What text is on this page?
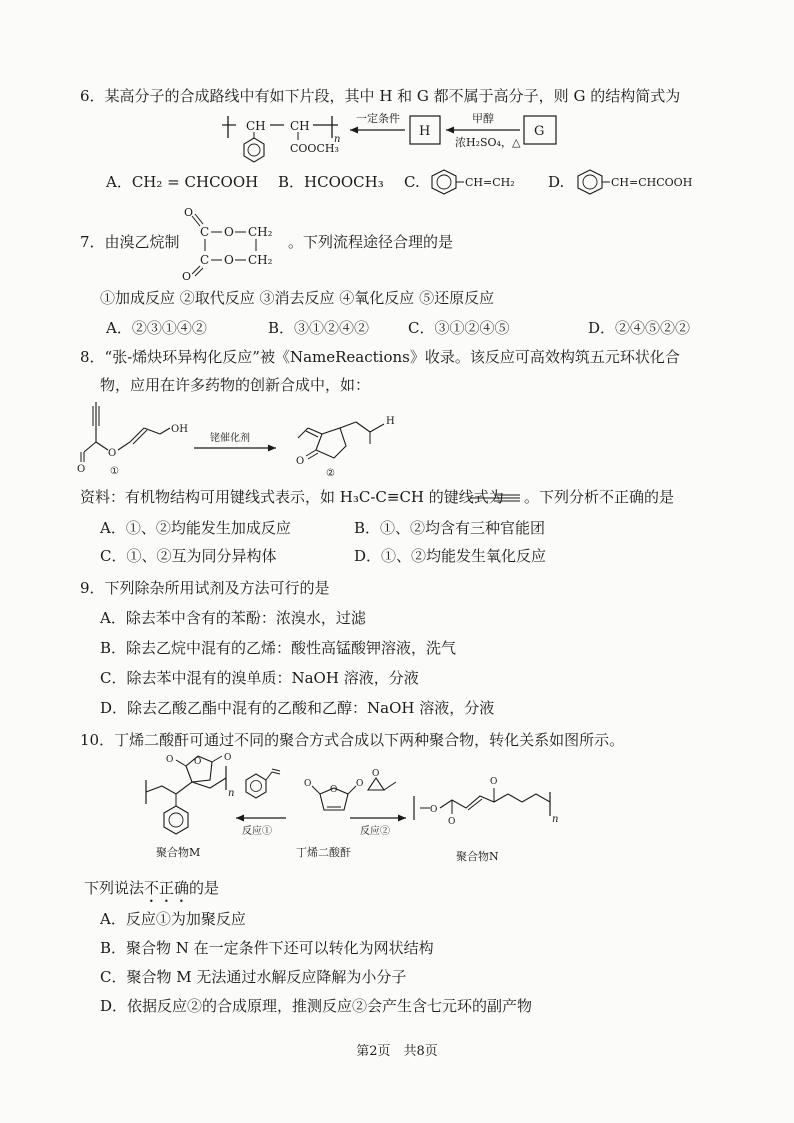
6．某高分子的合成路线中有如下片段，其中 H 和 G 都不属于高分子，则 G 的结构简式为
CH CH
n
COOCH₃
一定条件
H
甲醇
浓H₂SO₄，△
G
A．CH₂ = CHCOOH B．HCOOCH₃ C.	CH=CH₂ D.	CH=CHCOOH
7．由溴乙烷制
O
C O CH₂
C O CH₂
O
。下列流程途径合理的是
①加成反应 ②取代反应 ③消去反应 ④氧化反应 ⑤还原反应
A．②③①④②	B．③①②④②	C．③①②④⑤	D．②④⑤②②
8．“张-烯炔环异构化反应”被《NameReactions》收录。该反应可高效构筑五元环状化合
物，应用在许多药物的创新合成中，如：
O
O
OH
①
铑催化剂
O
②
H
资料：有机物结构可用键线式表示，如 H₃C-C≡CH 的键线式为 。下列分析不正确的是
A．①、②均能发生加成反应	B．①、②均含有三种官能团
C．①、②互为同分异构体	D．①、②均能发生氧化反应
9．下列除杂所用试剂及方法可行的是
A．除去苯中含有的苯酚：浓溴水，过滤
B．除去乙烷中混有的乙烯：酸性高锰酸钾溶液，洗气
C．除去苯中混有的溴单质：NaOH 溶液，分液
D．除去乙酸乙酯中混有的乙酸和乙醇：NaOH 溶液，分液
10．丁烯二酸酐可通过不同的聚合方式合成以下两种聚合物，转化关系如图所示。
n
O
O	O
聚合物M
反应①
O
O	O
丁烯二酸酐
反应②
O
O
O
O
n
聚合物N
下列说法不正确的是
A．反应①为加聚反应
B．聚合物 N 在一定条件下还可以转化为网状结构
C．聚合物 M 无法通过水解反应降解为小分子
D．依据反应②的合成原理，推测反应②会产生含七元环的副产物
第2页　共8页
